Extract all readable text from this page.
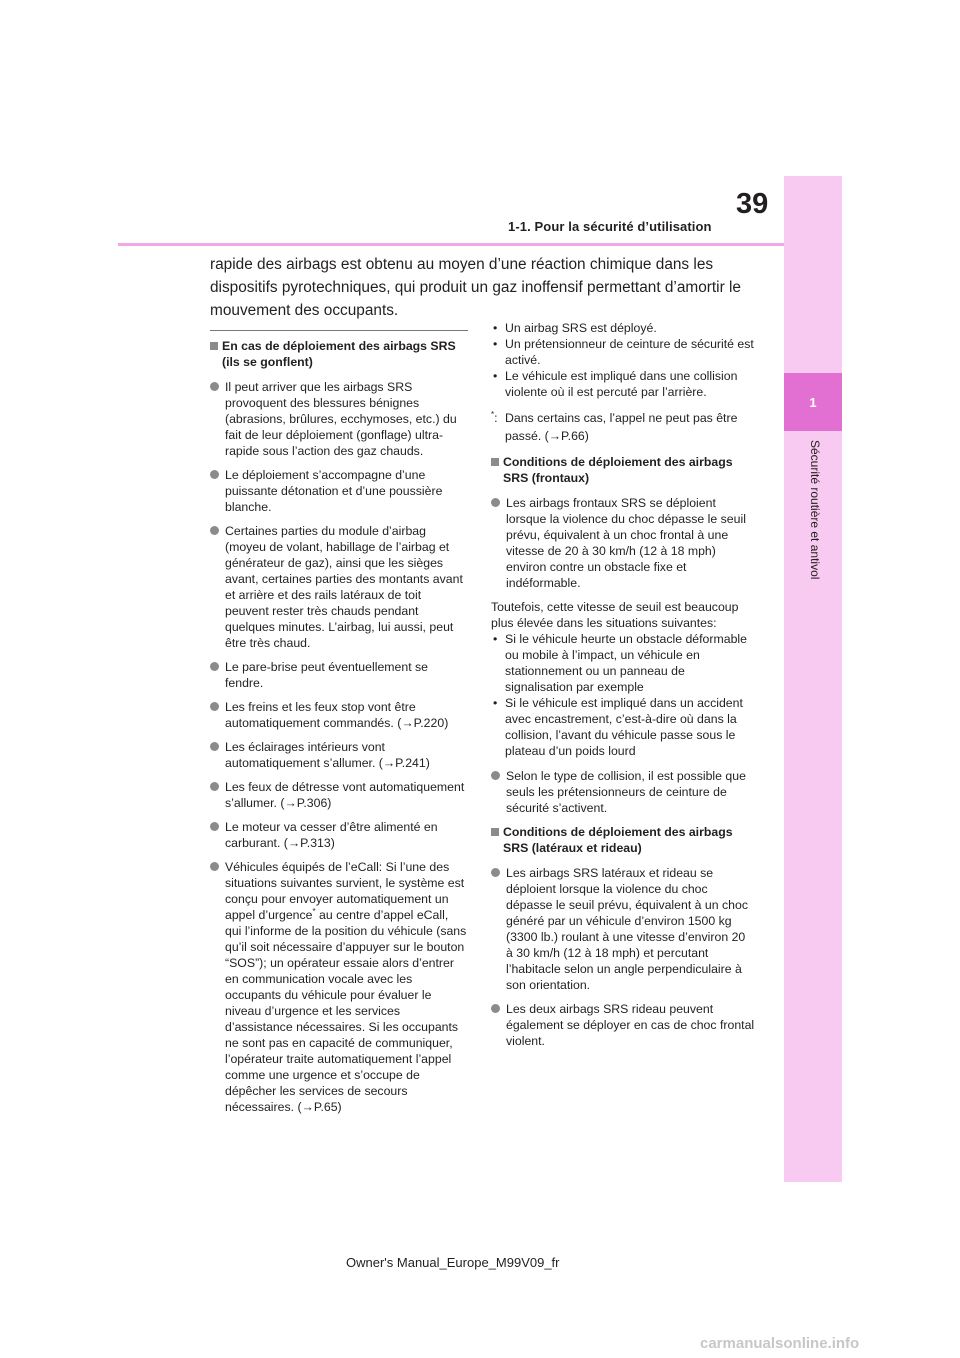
1
Sécurité routière et antivol
39
1-1. Pour la sécurité d’utilisation

rapide des airbags est obtenu au moyen d’une réaction chimique dans les dispositifs pyrotechniques, qui produit un gaz inoffensif permettant d’amortir le mouvement des occupants.

En cas de déploiement des airbags SRS (ils se gonflent)
Il peut arriver que les airbags SRS provoquent des blessures bénignes (abrasions, brûlures, ecchymoses, etc.) du fait de leur déploiement (gonflage) ultra-rapide sous l’action des gaz chauds.
Le déploiement s’accompagne d’une puissante détonation et d’une poussière blanche.
Certaines parties du module d’airbag (moyeu de volant, habillage de l’airbag et générateur de gaz), ainsi que les sièges avant, certaines parties des montants avant et arrière et des rails latéraux de toit peuvent rester très chauds pendant quelques minutes. L’airbag, lui aussi, peut être très chaud.
Le pare-brise peut éventuellement se fendre.
Les freins et les feux stop vont être automatiquement commandés. (→P.220)
Les éclairages intérieurs vont automatiquement s’allumer. (→P.241)
Les feux de détresse vont automatiquement s’allumer. (→P.306)
Le moteur va cesser d’être alimenté en carburant. (→P.313)
Véhicules équipés de l’eCall: Si l’une des situations suivantes survient, le système est conçu pour envoyer automatiquement un appel d’urgence* au centre d’appel eCall, qui l’informe de la position du véhicule (sans qu’il soit nécessaire d’appuyer sur le bouton “SOS”); un opérateur essaie alors d’entrer en communication vocale avec les occupants du véhicule pour évaluer le niveau d’urgence et les services d’assistance nécessaires. Si les occupants ne sont pas en capacité de communiquer, l’opérateur traite automatiquement l’appel comme une urgence et s’occupe de dépêcher les services de secours nécessaires. (→P.65)
• Un airbag SRS est déployé.
• Un prétensionneur de ceinture de sécurité est activé.
• Le véhicule est impliqué dans une collision violente où il est percuté par l’arrière.
*: Dans certains cas, l’appel ne peut pas être passé. (→P.66)
Conditions de déploiement des airbags SRS (frontaux)
Les airbags frontaux SRS se déploient lorsque la violence du choc dépasse le seuil prévu, équivalent à un choc frontal à une vitesse de 20 à 30 km/h (12 à 18 mph) environ contre un obstacle fixe et indéformable.
Toutefois, cette vitesse de seuil est beaucoup plus élevée dans les situations suivantes:
• Si le véhicule heurte un obstacle déformable ou mobile à l’impact, un véhicule en stationnement ou un panneau de signalisation par exemple
• Si le véhicule est impliqué dans un accident avec encastrement, c’est-à-dire où dans la collision, l’avant du véhicule passe sous le plateau d’un poids lourd
Selon le type de collision, il est possible que seuls les prétensionneurs de ceinture de sécurité s’activent.
Conditions de déploiement des airbags SRS (latéraux et rideau)
Les airbags SRS latéraux et rideau se déploient lorsque la violence du choc dépasse le seuil prévu, équivalent à un choc généré par un véhicule d’environ 1500 kg (3300 lb.) roulant à une vitesse d’environ 20 à 30 km/h (12 à 18 mph) et percutant l’habitacle selon un angle perpendiculaire à son orientation.
Les deux airbags SRS rideau peuvent également se déployer en cas de choc frontal violent.
Owner's Manual_Europe_M99V09_fr
carmanualsonline.info
